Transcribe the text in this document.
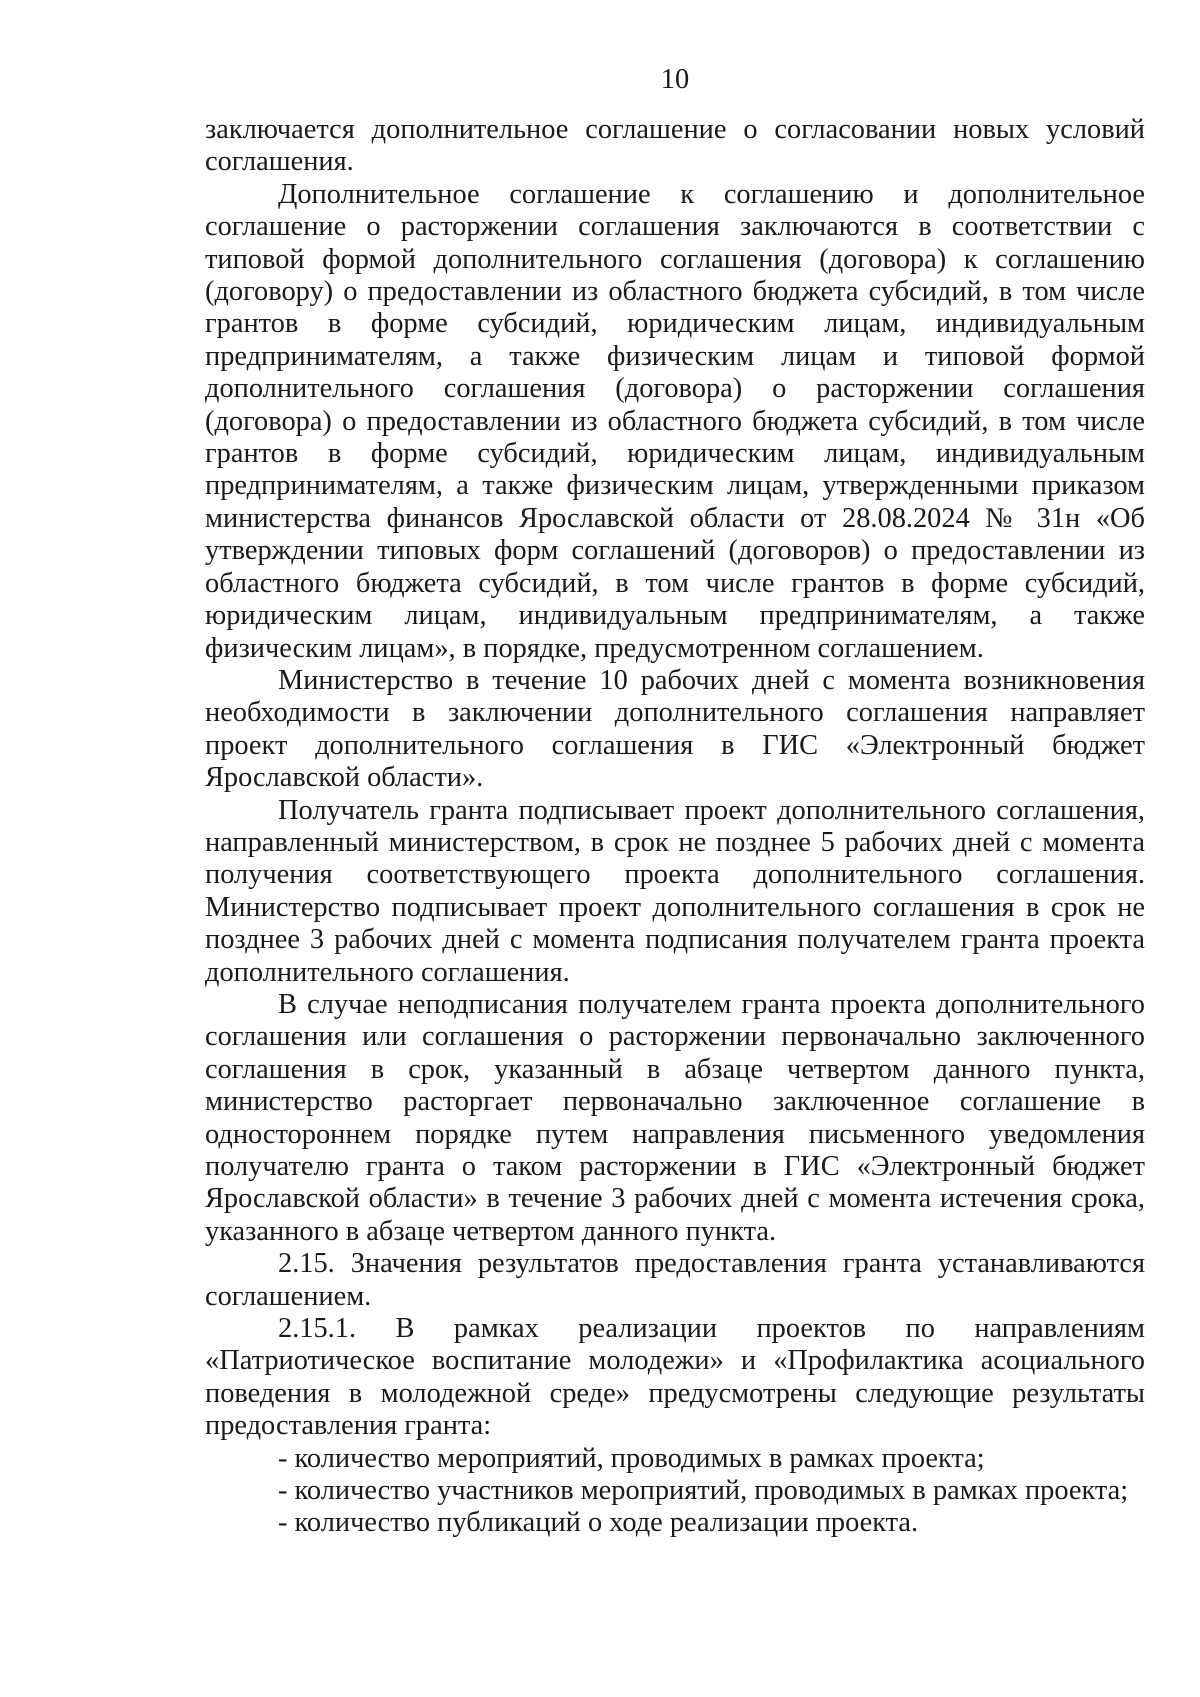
10

заключается дополнительное соглашение о согласовании новых условий соглашения.

Дополнительное соглашение к соглашению и дополнительное соглашение о расторжении соглашения заключаются в соответствии с типовой формой дополнительного соглашения (договора) к соглашению (договору) о предоставлении из областного бюджета субсидий, в том числе грантов в форме субсидий, юридическим лицам, индивидуальным предпринимателям, а также физическим лицам и типовой формой дополнительного соглашения (договора) о расторжении соглашения (договора) о предоставлении из областного бюджета субсидий, в том числе грантов в форме субсидий, юридическим лицам, индивидуальным предпринимателям, а также физическим лицам, утвержденными приказом министерства финансов Ярославской области от 28.08.2024 № 31н «Об утверждении типовых форм соглашений (договоров) о предоставлении из областного бюджета субсидий, в том числе грантов в форме субсидий, юридическим лицам, индивидуальным предпринимателям, а также физическим лицам», в порядке, предусмотренном соглашением.

Министерство в течение 10 рабочих дней с момента возникновения необходимости в заключении дополнительного соглашения направляет проект дополнительного соглашения в ГИС «Электронный бюджет Ярославской области».

Получатель гранта подписывает проект дополнительного соглашения, направленный министерством, в срок не позднее 5 рабочих дней с момента получения соответствующего проекта дополнительного соглашения. Министерство подписывает проект дополнительного соглашения в срок не позднее 3 рабочих дней с момента подписания получателем гранта проекта дополнительного соглашения.

В случае неподписания получателем гранта проекта дополнительного соглашения или соглашения о расторжении первоначально заключенного соглашения в срок, указанный в абзаце четвертом данного пункта, министерство расторгает первоначально заключенное соглашение в одностороннем порядке путем направления письменного уведомления получателю гранта о таком расторжении в ГИС «Электронный бюджет Ярославской области» в течение 3 рабочих дней с момента истечения срока, указанного в абзаце четвертом данного пункта.

2.15. Значения результатов предоставления гранта устанавливаются соглашением.

2.15.1. В рамках реализации проектов по направлениям «Патриотическое воспитание молодежи» и «Профилактика асоциального поведения в молодежной среде» предусмотрены следующие результаты предоставления гранта:

- количество мероприятий, проводимых в рамках проекта;

- количество участников мероприятий, проводимых в рамках проекта;

- количество публикаций о ходе реализации проекта.
